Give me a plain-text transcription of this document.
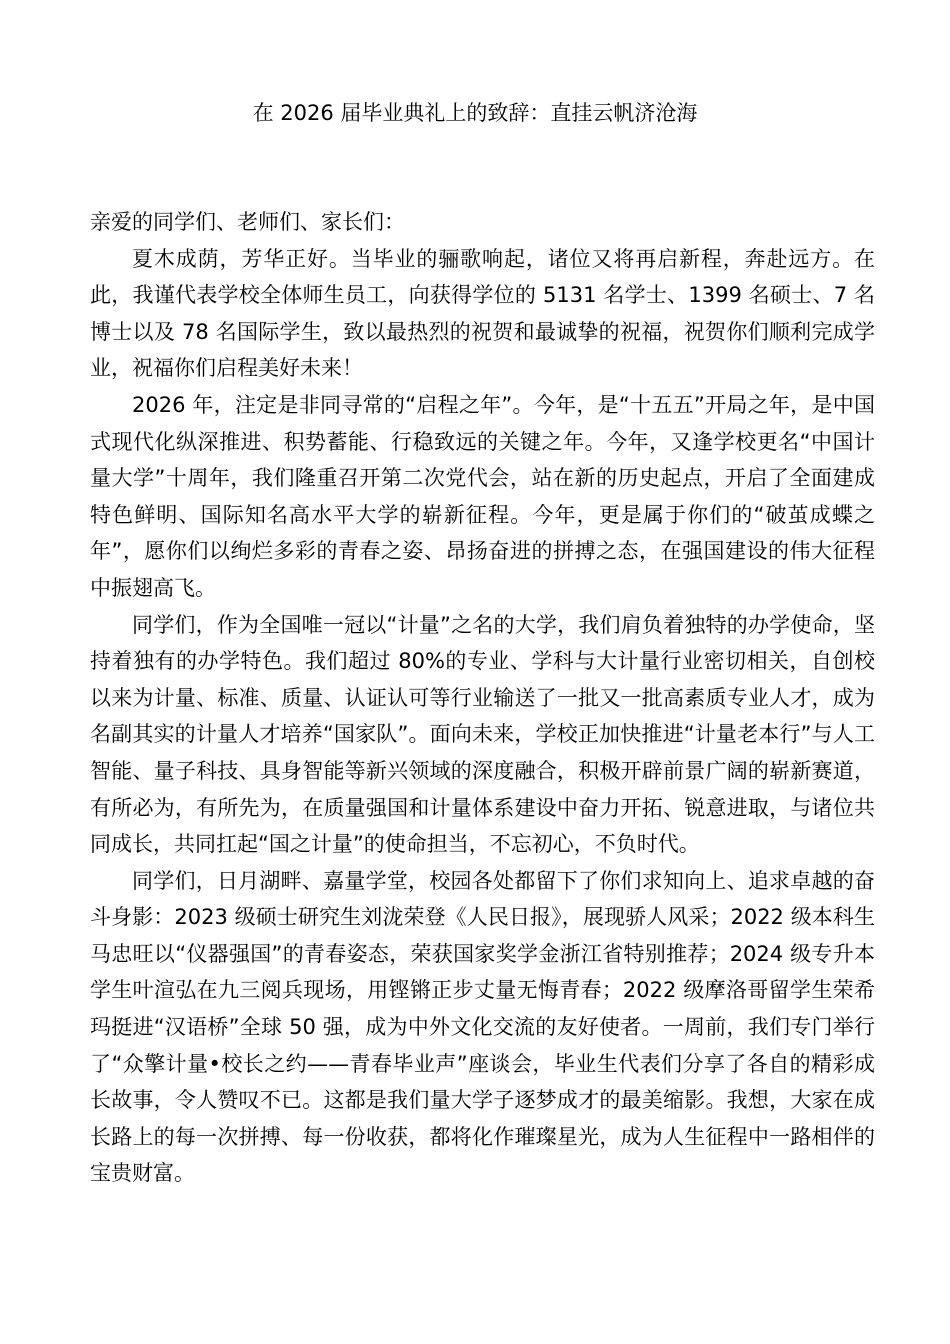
在 2026 届毕业典礼上的致辞：直挂云帆济沧海

亲爱的同学们、老师们、家长们：

夏木成荫，芳华正好。当毕业的骊歌响起，诸位又将再启新程，奔赴远方。在此，我谨代表学校全体师生员工，向获得学位的 5131 名学士、1399 名硕士、7 名博士以及 78 名国际学生，致以最热烈的祝贺和最诚挚的祝福，祝贺你们顺利完成学业，祝福你们启程美好未来！

2026 年，注定是非同寻常的“启程之年”。今年，是“十五五”开局之年，是中国式现代化纵深推进、积势蓄能、行稳致远的关键之年。今年，又逢学校更名“中国计量大学”十周年，我们隆重召开第二次党代会，站在新的历史起点，开启了全面建成特色鲜明、国际知名高水平大学的崭新征程。今年，更是属于你们的“破茧成蝶之年”，愿你们以绚烂多彩的青春之姿、昂扬奋进的拼搏之态，在强国建设的伟大征程中振翅高飞。

同学们，作为全国唯一冠以“计量”之名的大学，我们肩负着独特的办学使命，坚持着独有的办学特色。我们超过 80%的专业、学科与大计量行业密切相关，自创校以来为计量、标准、质量、认证认可等行业输送了一批又一批高素质专业人才，成为名副其实的计量人才培养“国家队”。面向未来，学校正加快推进“计量老本行”与人工智能、量子科技、具身智能等新兴领域的深度融合，积极开辟前景广阔的崭新赛道，有所必为，有所先为，在质量强国和计量体系建设中奋力开拓、锐意进取，与诸位共同成长，共同扛起“国之计量”的使命担当，不忘初心，不负时代。

同学们，日月湖畔、嘉量学堂，校园各处都留下了你们求知向上、追求卓越的奋斗身影：2023 级硕士研究生刘泷荣登《人民日报》，展现骄人风采；2022 级本科生马忠旺以“仪器强国”的青春姿态，荣获国家奖学金浙江省特别推荐；2024 级专升本学生叶渲弘在九三阅兵现场，用铿锵正步丈量无悔青春；2022 级摩洛哥留学生荣希玛挺进“汉语桥”全球 50 强，成为中外文化交流的友好使者。一周前，我们专门举行了“众擎计量•校长之约——青春毕业声”座谈会，毕业生代表们分享了各自的精彩成长故事，令人赞叹不已。这都是我们量大学子逐梦成才的最美缩影。我想，大家在成长路上的每一次拼搏、每一份收获，都将化作璀璨星光，成为人生征程中一路相伴的宝贵财富。
